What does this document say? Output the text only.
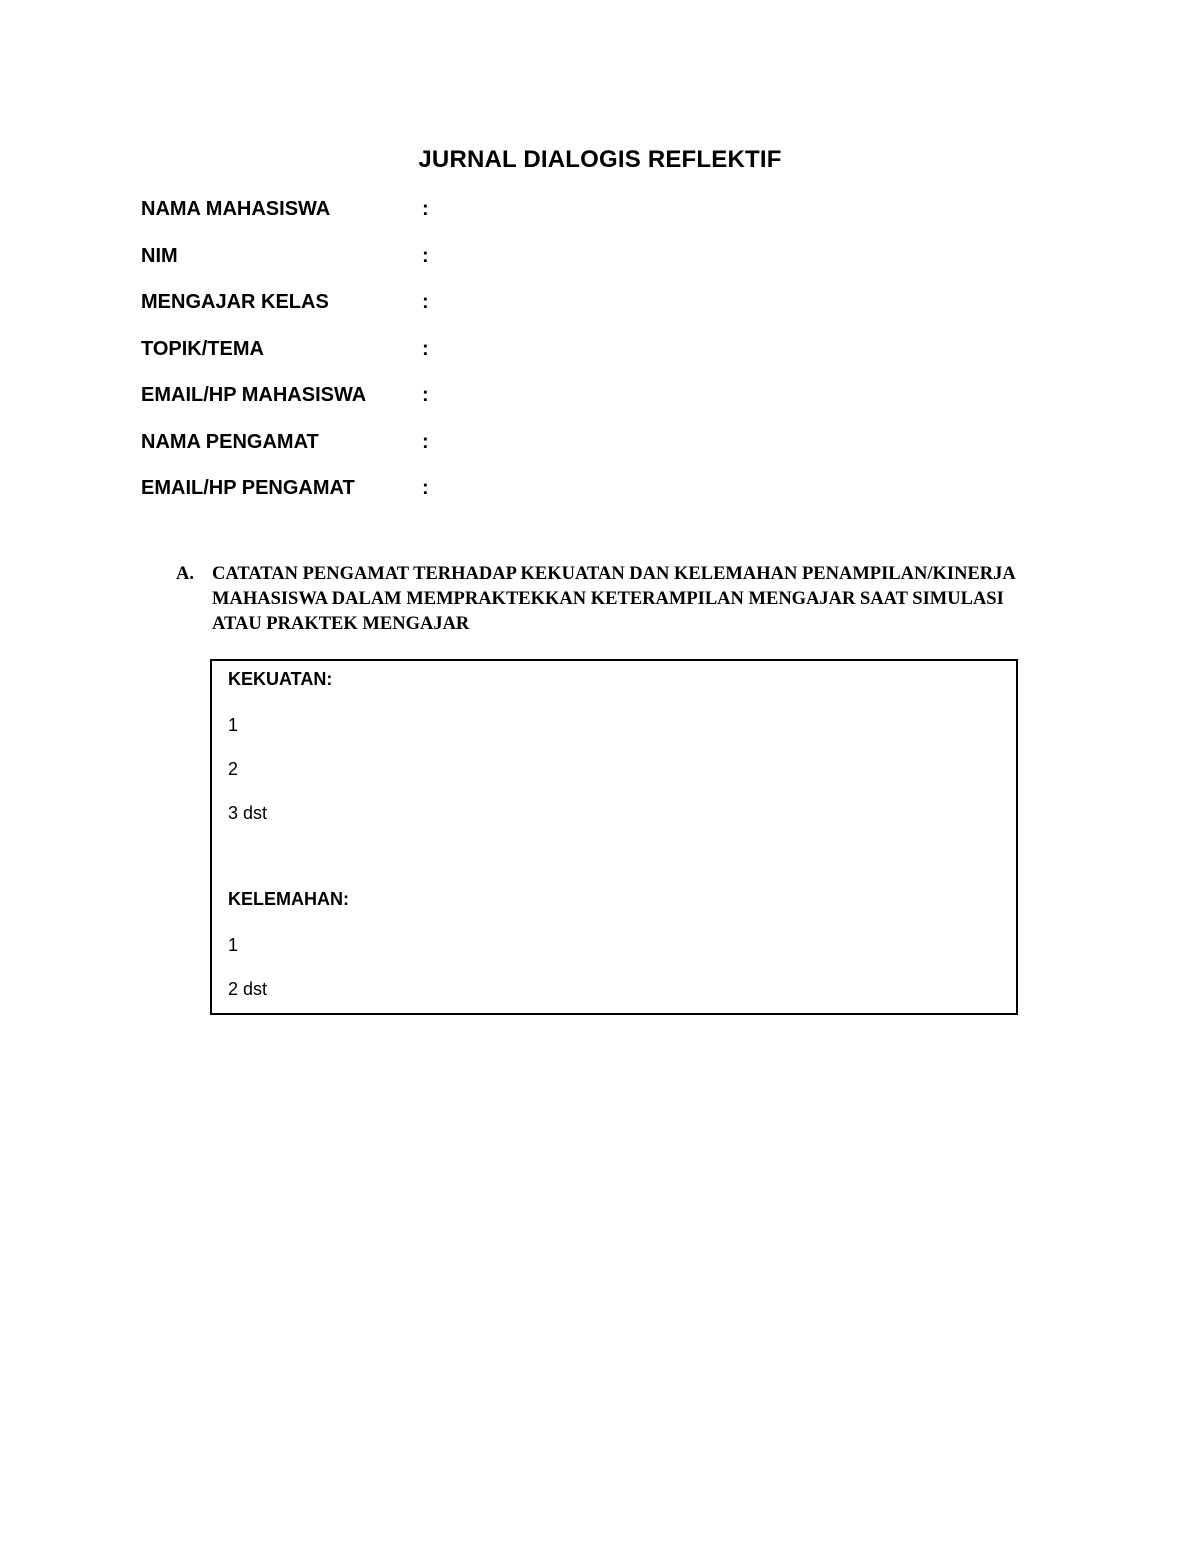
JURNAL DIALOGIS REFLEKTIF
NAMA MAHASISWA	:
NIM	:
MENGAJAR KELAS	:
TOPIK/TEMA	:
EMAIL/HP MAHASISWA	:
NAMA PENGAMAT	:
EMAIL/HP PENGAMAT	:
A. CATATAN PENGAMAT TERHADAP KEKUATAN DAN KELEMAHAN PENAMPILAN/KINERJA MAHASISWA DALAM MEMPRAKTEKKAN KETERAMPILAN MENGAJAR SAAT SIMULASI ATAU PRAKTEK MENGAJAR
KEKUATAN:
1
2
3 dst
KELEMAHAN:
1
2 dst
